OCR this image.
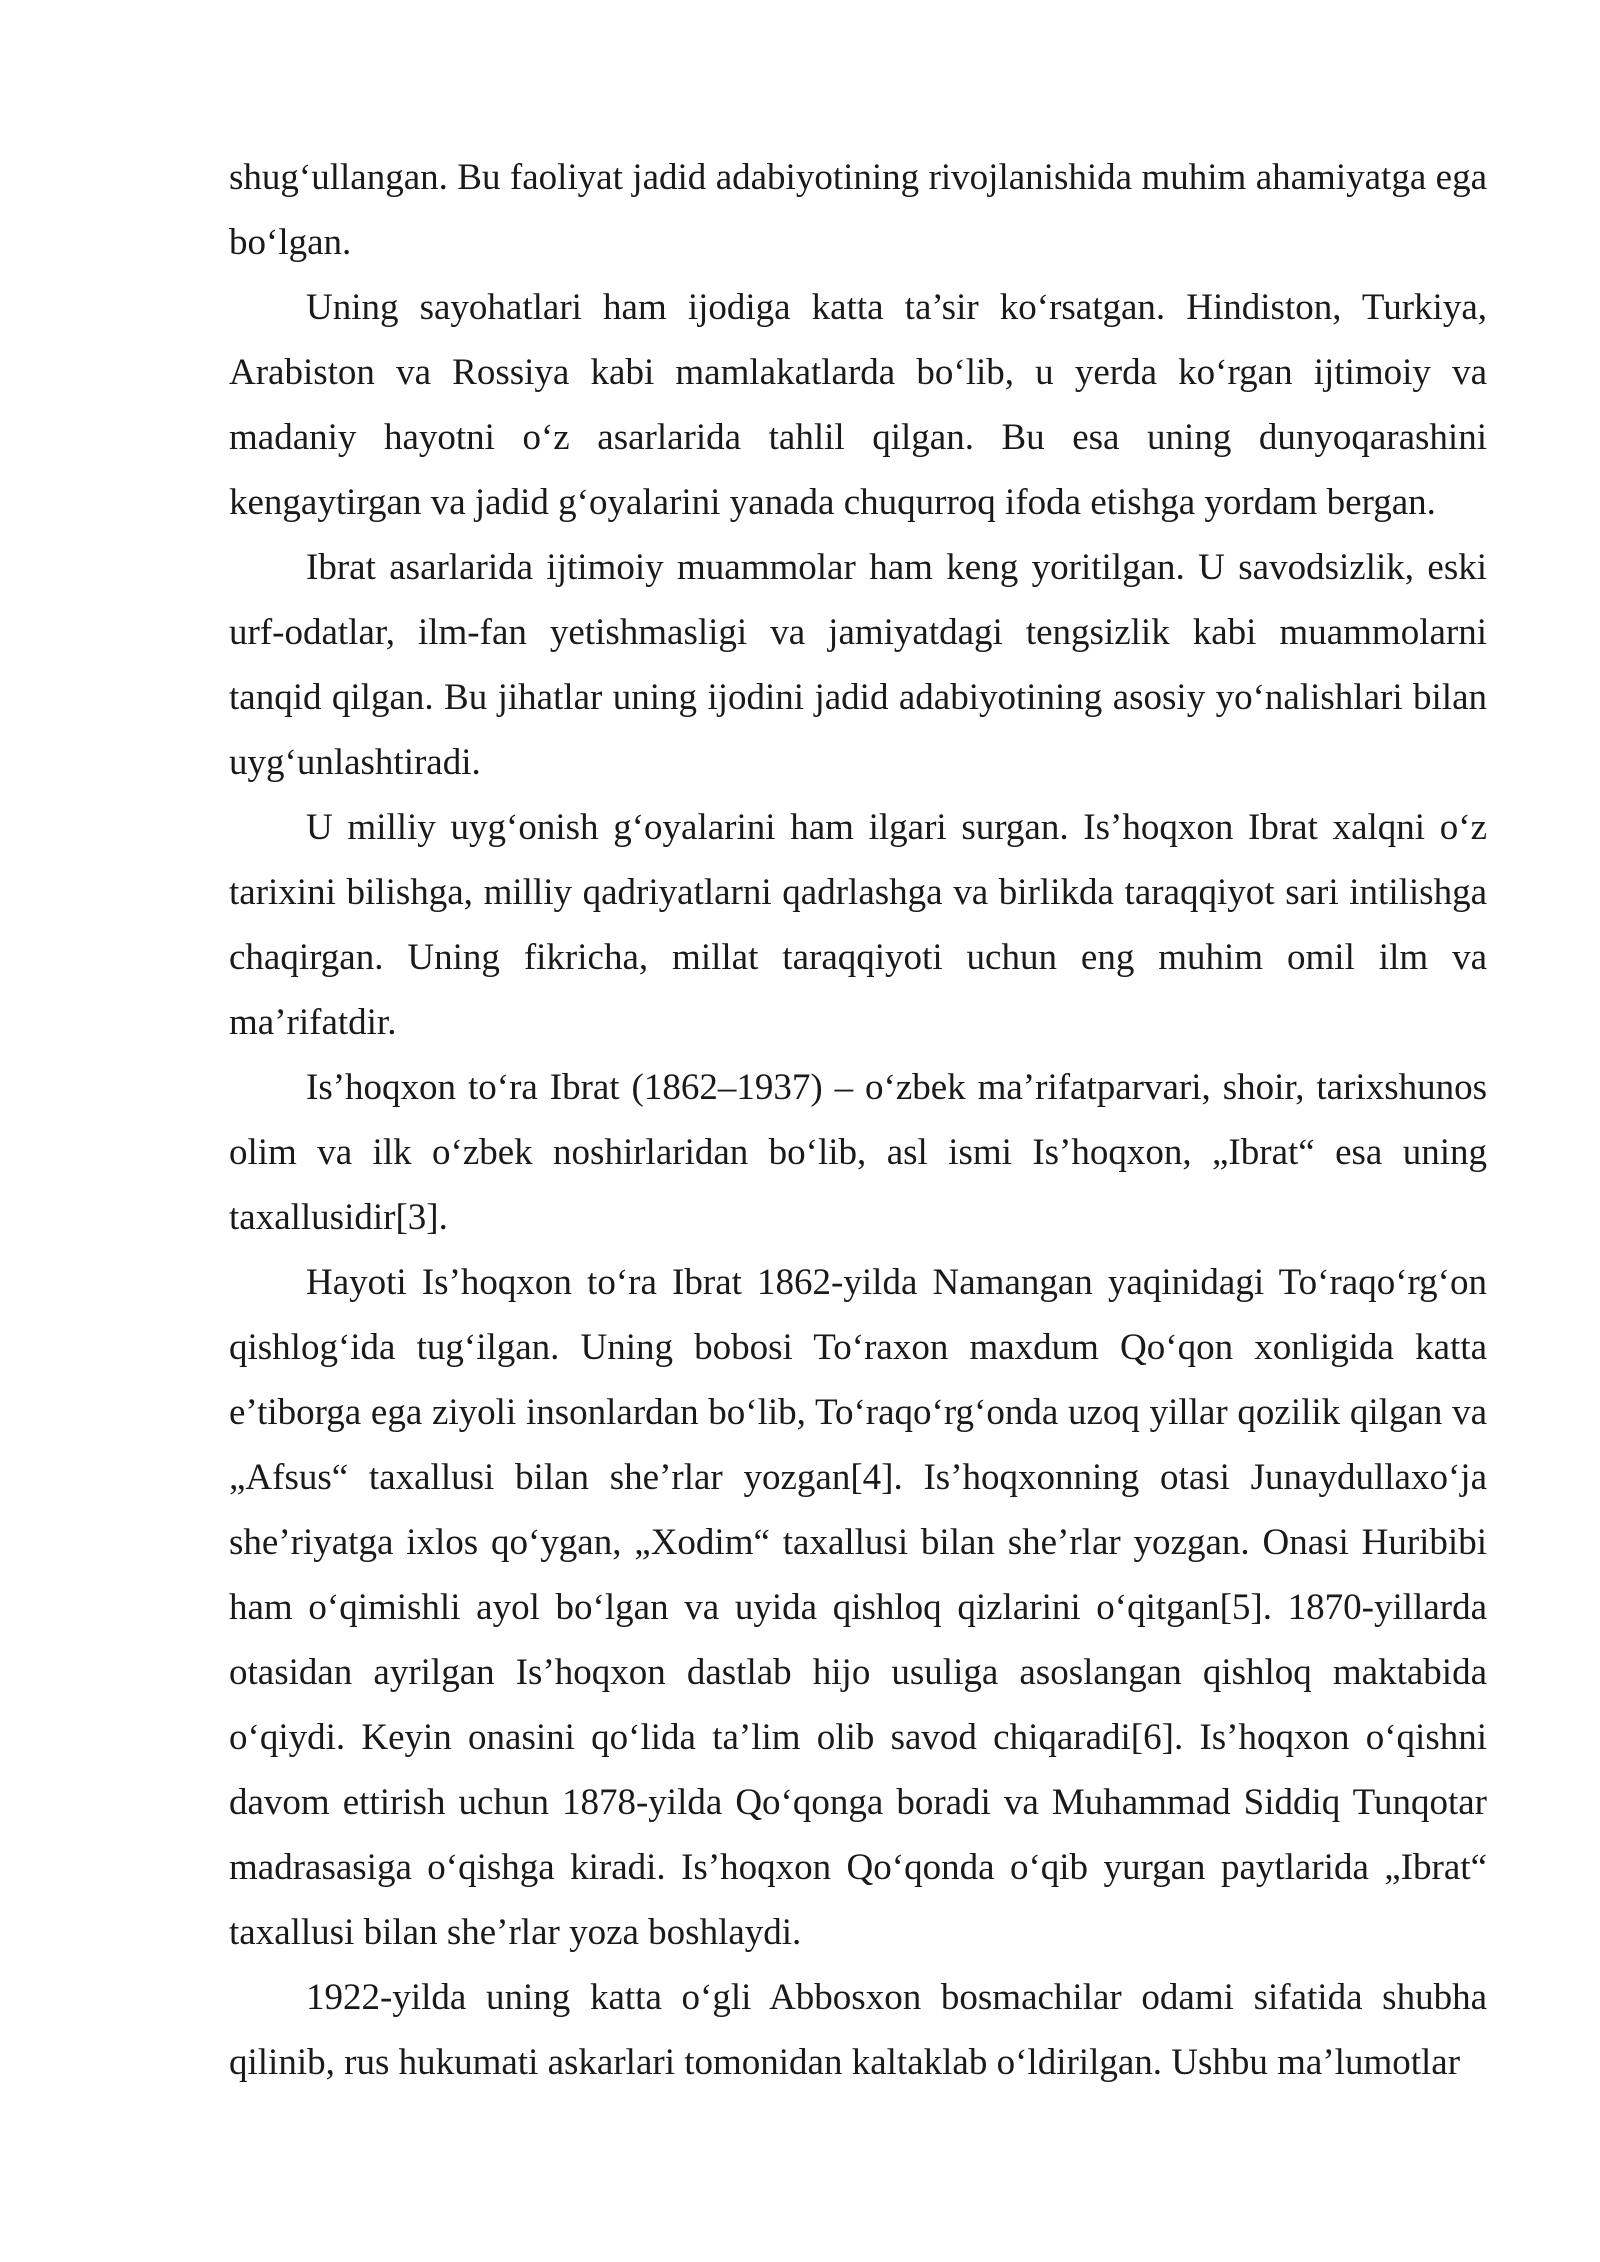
shug‘ullangan. Bu faoliyat jadid adabiyotining rivojlanishida muhim ahamiyatga ega bo‘lgan.

Uning sayohatlari ham ijodiga katta ta’sir ko‘rsatgan. Hindiston, Turkiya, Arabiston va Rossiya kabi mamlakatlarda bo‘lib, u yerda ko‘rgan ijtimoiy va madaniy hayotni o‘z asarlarida tahlil qilgan. Bu esa uning dunyoqarashini kengaytirgan va jadid g‘oyalarini yanada chuqurroq ifoda etishga yordam bergan.

Ibrat asarlarida ijtimoiy muammolar ham keng yoritilgan. U savodsizlik, eski urf-odatlar, ilm-fan yetishmasligi va jamiyatdagi tengsizlik kabi muammolarni tanqid qilgan. Bu jihatlar uning ijodini jadid adabiyotining asosiy yo‘nalishlari bilan uyg‘unlashtiradi.

U milliy uyg‘onish g‘oyalarini ham ilgari surgan. Is’hoqxon Ibrat xalqni o‘z tarixini bilishga, milliy qadriyatlarni qadrlashga va birlikda taraqqiyot sari intilishga chaqirgan. Uning fikricha, millat taraqqiyoti uchun eng muhim omil ilm va ma’rifatdir.

Is’hoqxon to‘ra Ibrat (1862–1937) – o‘zbek ma’rifatparvari, shoir, tarixshunos olim va ilk o‘zbek noshirlaridan bo‘lib, asl ismi Is’hoqxon, „Ibrat“ esa uning taxallusidir[3].

Hayoti Is’hoqxon to‘ra Ibrat 1862-yilda Namangan yaqinidagi To‘raqo‘rg‘on qishlog‘ida tug‘ilgan. Uning bobosi To‘raxon maxdum Qo‘qon xonligida katta e’tiborga ega ziyoli insonlardan bo‘lib, To‘raqo‘rg‘onda uzoq yillar qozilik qilgan va „Afsus“ taxallusi bilan she’rlar yozgan[4]. Is’hoqxonning otasi Junaydullaxo‘ja she’riyatga ixlos qo‘ygan, „Xodim“ taxallusi bilan she’rlar yozgan. Onasi Huribibi ham o‘qimishli ayol bo‘lgan va uyida qishloq qizlarini o‘qitgan[5]. 1870-yillarda otasidan ayrilgan Is’hoqxon dastlab hijo usuliga asoslangan qishloq maktabida o‘qiydi. Keyin onasini qo‘lida ta’lim olib savod chiqaradi[6]. Is’hoqxon o‘qishni davom ettirish uchun 1878-yilda Qo‘qonga boradi va Muhammad Siddiq Tunqotar madrasasiga o‘qishga kiradi. Is’hoqxon Qo‘qonda o‘qib yurgan paytlarida „Ibrat“ taxallusi bilan she’rlar yoza boshlaydi.

1922-yilda uning katta o‘gli Abbosxon bosmachilar odami sifatida shubha qilinib, rus hukumati askarlari tomonidan kaltaklab o‘ldirilgan. Ushbu ma’lumotlar
